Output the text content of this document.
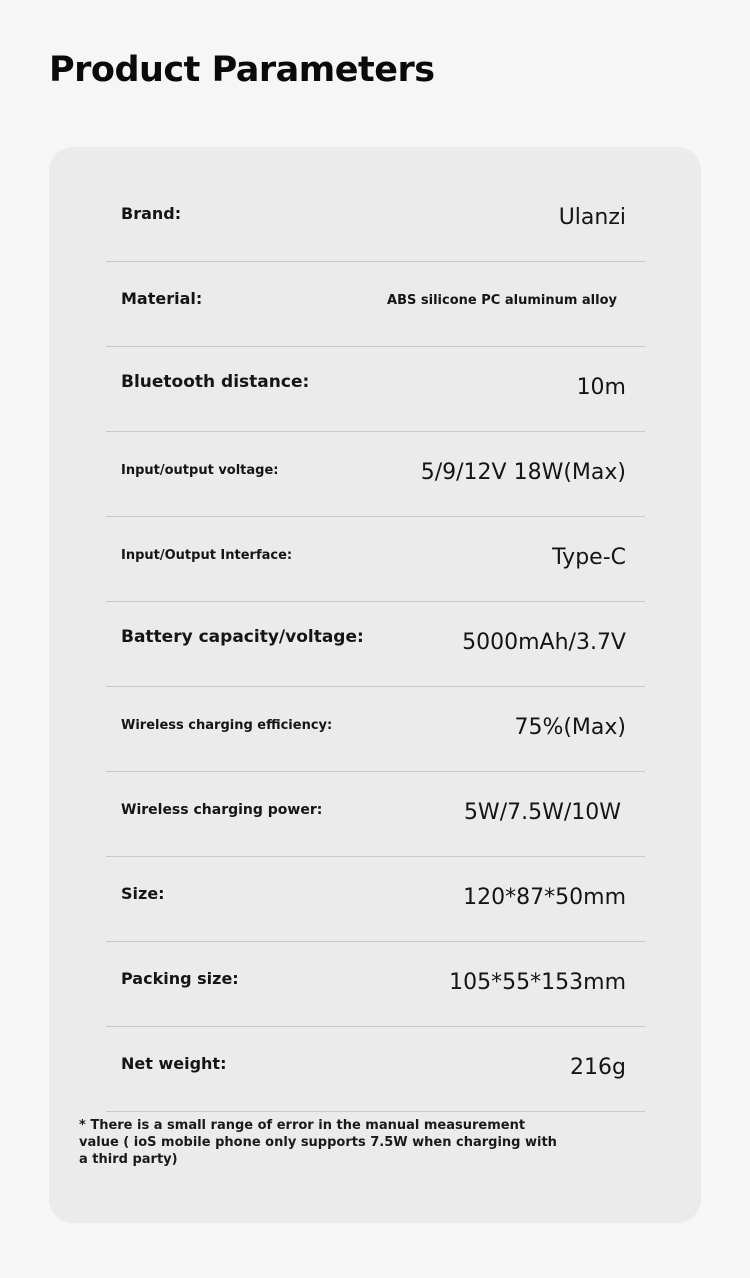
Product Parameters
Brand:	Ulanzi
Material:	ABS silicone PC aluminum alloy
Bluetooth distance:	10m
Input/output voltage:	5/9/12V 18W(Max)
Input/Output Interface:	Type-C
Battery capacity/voltage:	5000mAh/3.7V
Wireless charging efficiency:	75%(Max)
Wireless charging power:	5W/7.5W/10W
Size:	120*87*50mm
Packing size:	105*55*153mm
Net weight:	216g

* There is a small range of error in the manual measurement value ( ioS mobile phone only supports 7.5W when charging with a third party)
